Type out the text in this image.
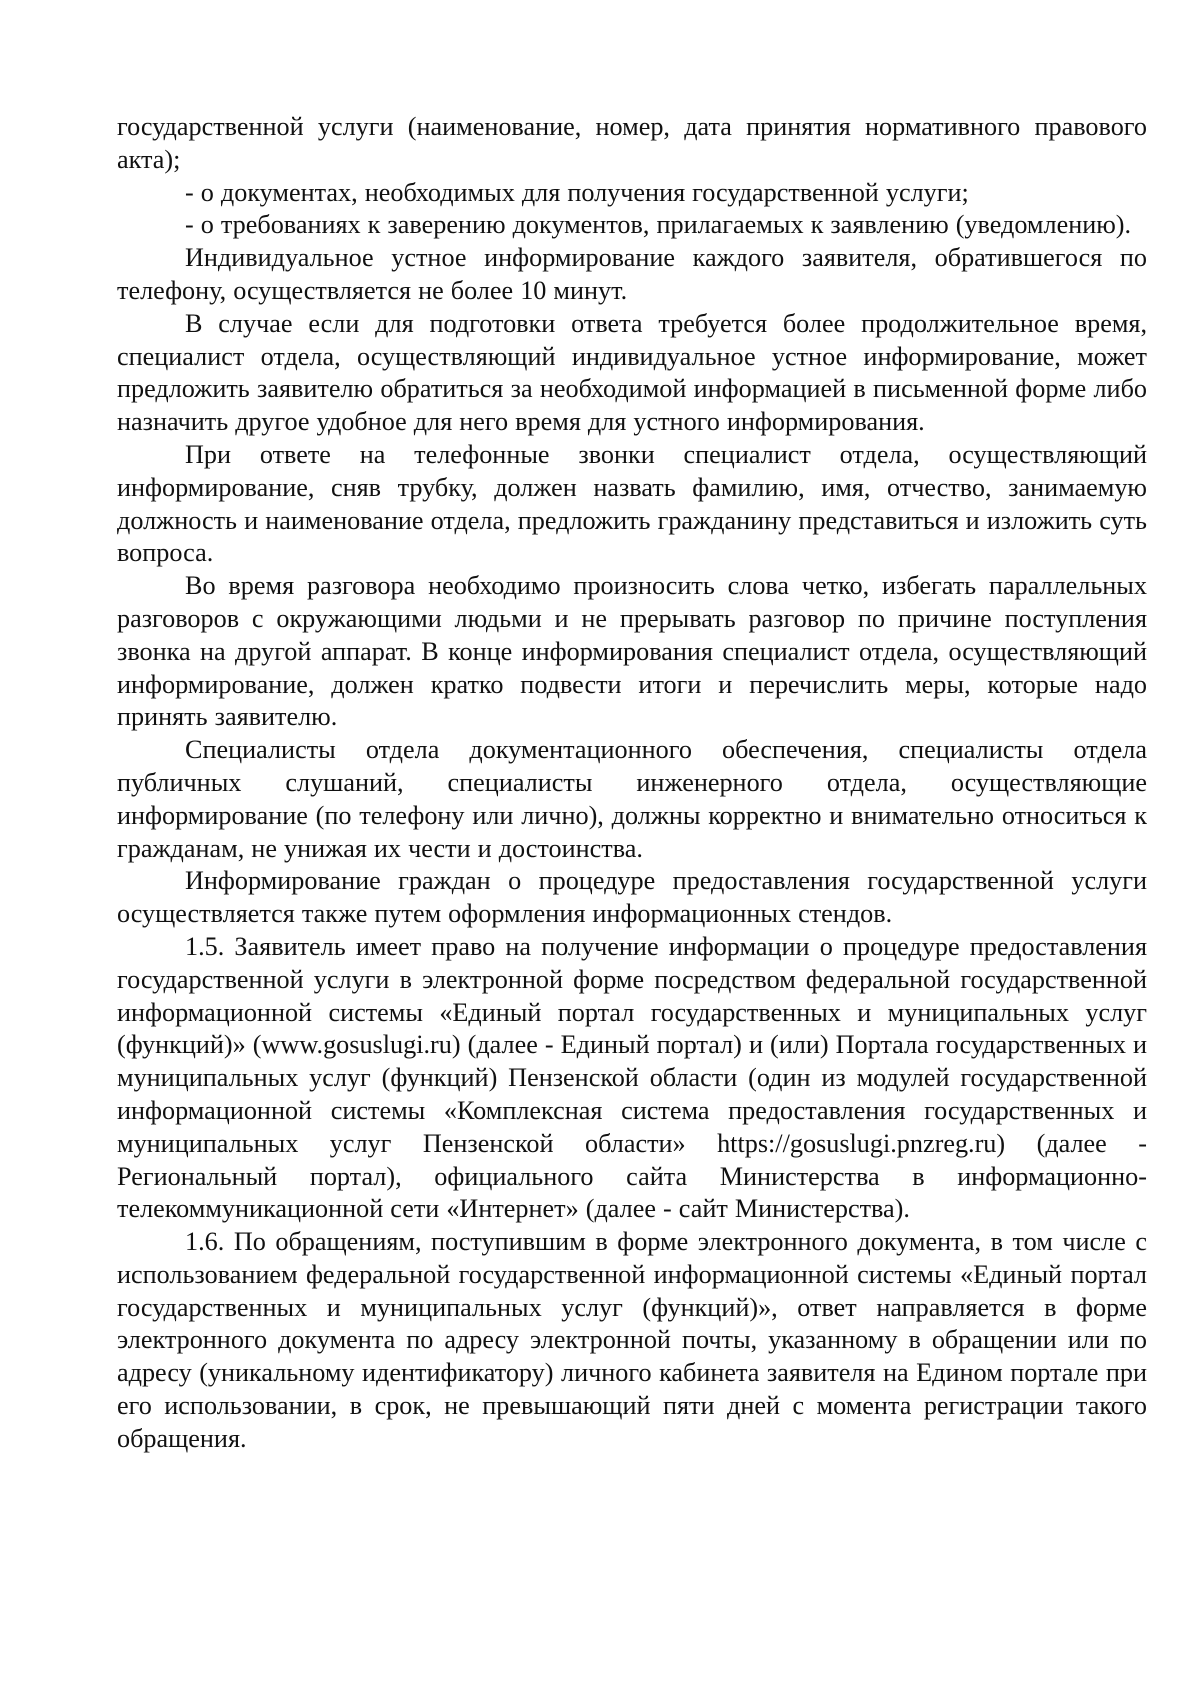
государственной услуги (наименование, номер, дата принятия нормативного правового акта);

- о документах, необходимых для получения государственной услуги;

- о требованиях к заверению документов, прилагаемых к заявлению (уведомлению).

Индивидуальное устное информирование каждого заявителя, обратившегося по телефону, осуществляется не более 10 минут.

В случае если для подготовки ответа требуется более продолжительное время, специалист отдела, осуществляющий индивидуальное устное информирование, может предложить заявителю обратиться за необходимой информацией в письменной форме либо назначить другое удобное для него время для устного информирования.

При ответе на телефонные звонки специалист отдела, осуществляющий информирование, сняв трубку, должен назвать фамилию, имя, отчество, занимаемую должность и наименование отдела, предложить гражданину представиться и изложить суть вопроса.

Во время разговора необходимо произносить слова четко, избегать параллельных разговоров с окружающими людьми и не прерывать разговор по причине поступления звонка на другой аппарат. В конце информирования специалист отдела, осуществляющий информирование, должен кратко подвести итоги и перечислить меры, которые надо принять заявителю.

Специалисты отдела документационного обеспечения, специалисты отдела публичных слушаний, специалисты инженерного отдела, осуществляющие информирование (по телефону или лично), должны корректно и внимательно относиться к гражданам, не унижая их чести и достоинства.

Информирование граждан о процедуре предоставления государственной услуги осуществляется также путем оформления информационных стендов.

1.5. Заявитель имеет право на получение информации о процедуре предоставления государственной услуги в электронной форме посредством федеральной государственной информационной системы «Единый портал государственных и муниципальных услуг (функций)» (www.gosuslugi.ru) (далее - Единый портал) и (или) Портала государственных и муниципальных услуг (функций) Пензенской области (один из модулей государственной информационной системы «Комплексная система предоставления государственных и муниципальных услуг Пензенской области» https://gosuslugi.pnzreg.ru) (далее - Региональный портал), официального сайта Министерства в информационно-телекоммуникационной сети «Интернет» (далее - сайт Министерства).

1.6. По обращениям, поступившим в форме электронного документа, в том числе с использованием федеральной государственной информационной системы «Единый портал государственных и муниципальных услуг (функций)», ответ направляется в форме электронного документа по адресу электронной почты, указанному в обращении или по адресу (уникальному идентификатору) личного кабинета заявителя на Едином портале при его использовании, в срок, не превышающий пяти дней с момента регистрации такого обращения.
